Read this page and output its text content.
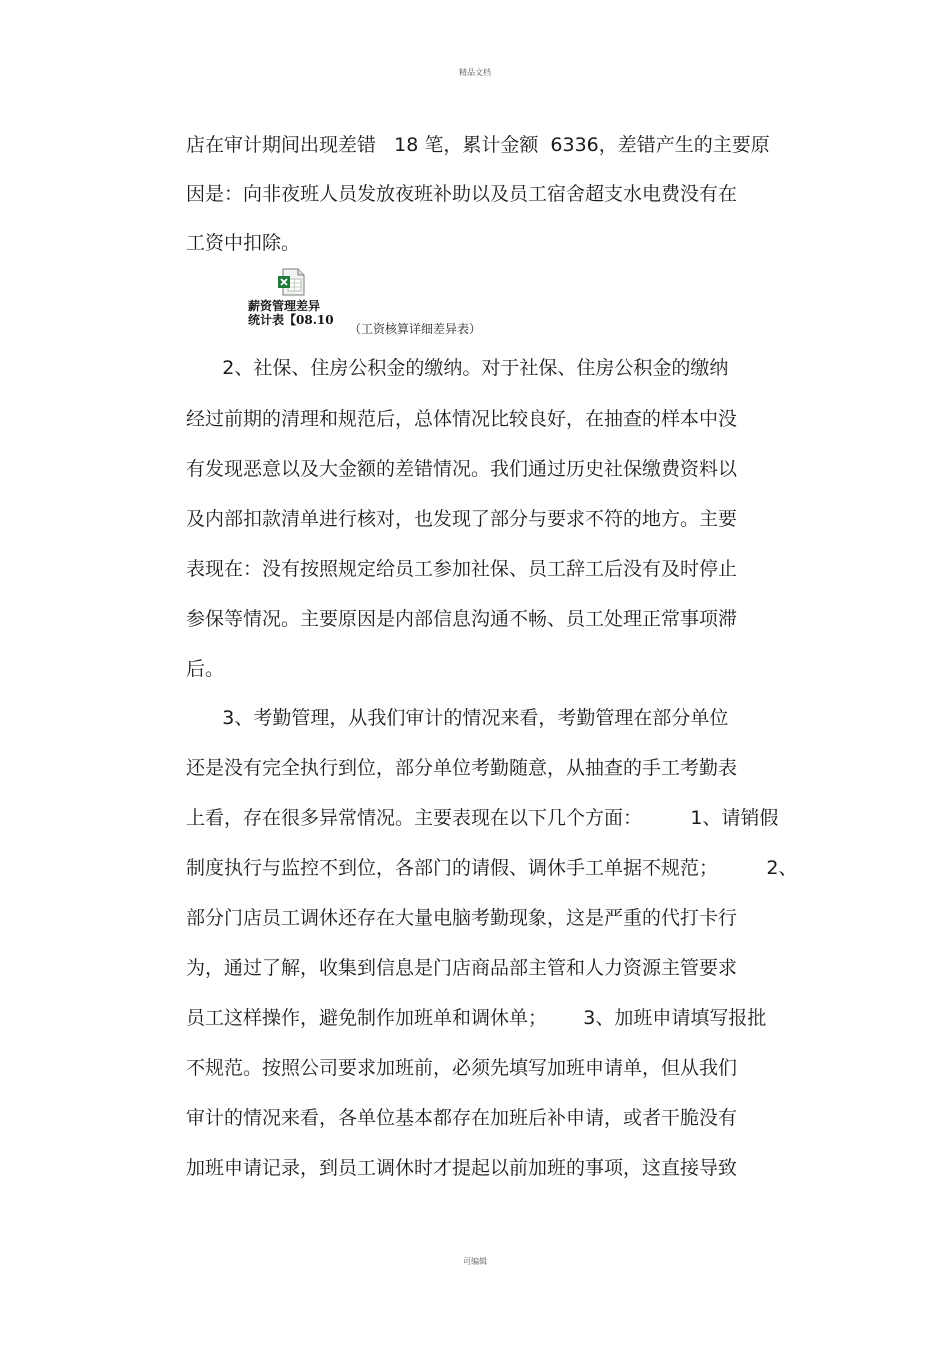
精品文档
店在审计期间出现差错   18 笔，累计金额  6336，差错产生的主要原
因是：向非夜班人员发放夜班补助以及员工宿舍超支水电费没有在
工资中扣除。
薪资管理差异
统计表【08.10
（工资核算详细差异表）
2、社保、住房公积金的缴纳。对于社保、住房公积金的缴纳
经过前期的清理和规范后，总体情况比较良好，在抽查的样本中没
有发现恶意以及大金额的差错情况。我们通过历史社保缴费资料以
及内部扣款清单进行核对，也发现了部分与要求不符的地方。主要
表现在：没有按照规定给员工参加社保、员工辞工后没有及时停止
参保等情况。主要原因是内部信息沟通不畅、员工处理正常事项滞
后。
3、考勤管理，从我们审计的情况来看，考勤管理在部分单位
还是没有完全执行到位，部分单位考勤随意，从抽查的手工考勤表
上看，存在很多异常情况。主要表现在以下几个方面：        1、请销假
制度执行与监控不到位，各部门的请假、调休手工单据不规范；        2、
部分门店员工调休还存在大量电脑考勤现象，这是严重的代打卡行
为，通过了解，收集到信息是门店商品部主管和人力资源主管要求
员工这样操作，避免制作加班单和调休单；      3、加班申请填写报批
不规范。按照公司要求加班前，必须先填写加班申请单，但从我们
审计的情况来看，各单位基本都存在加班后补申请，或者干脆没有
加班申请记录，到员工调休时才提起以前加班的事项，这直接导致
可编辑
